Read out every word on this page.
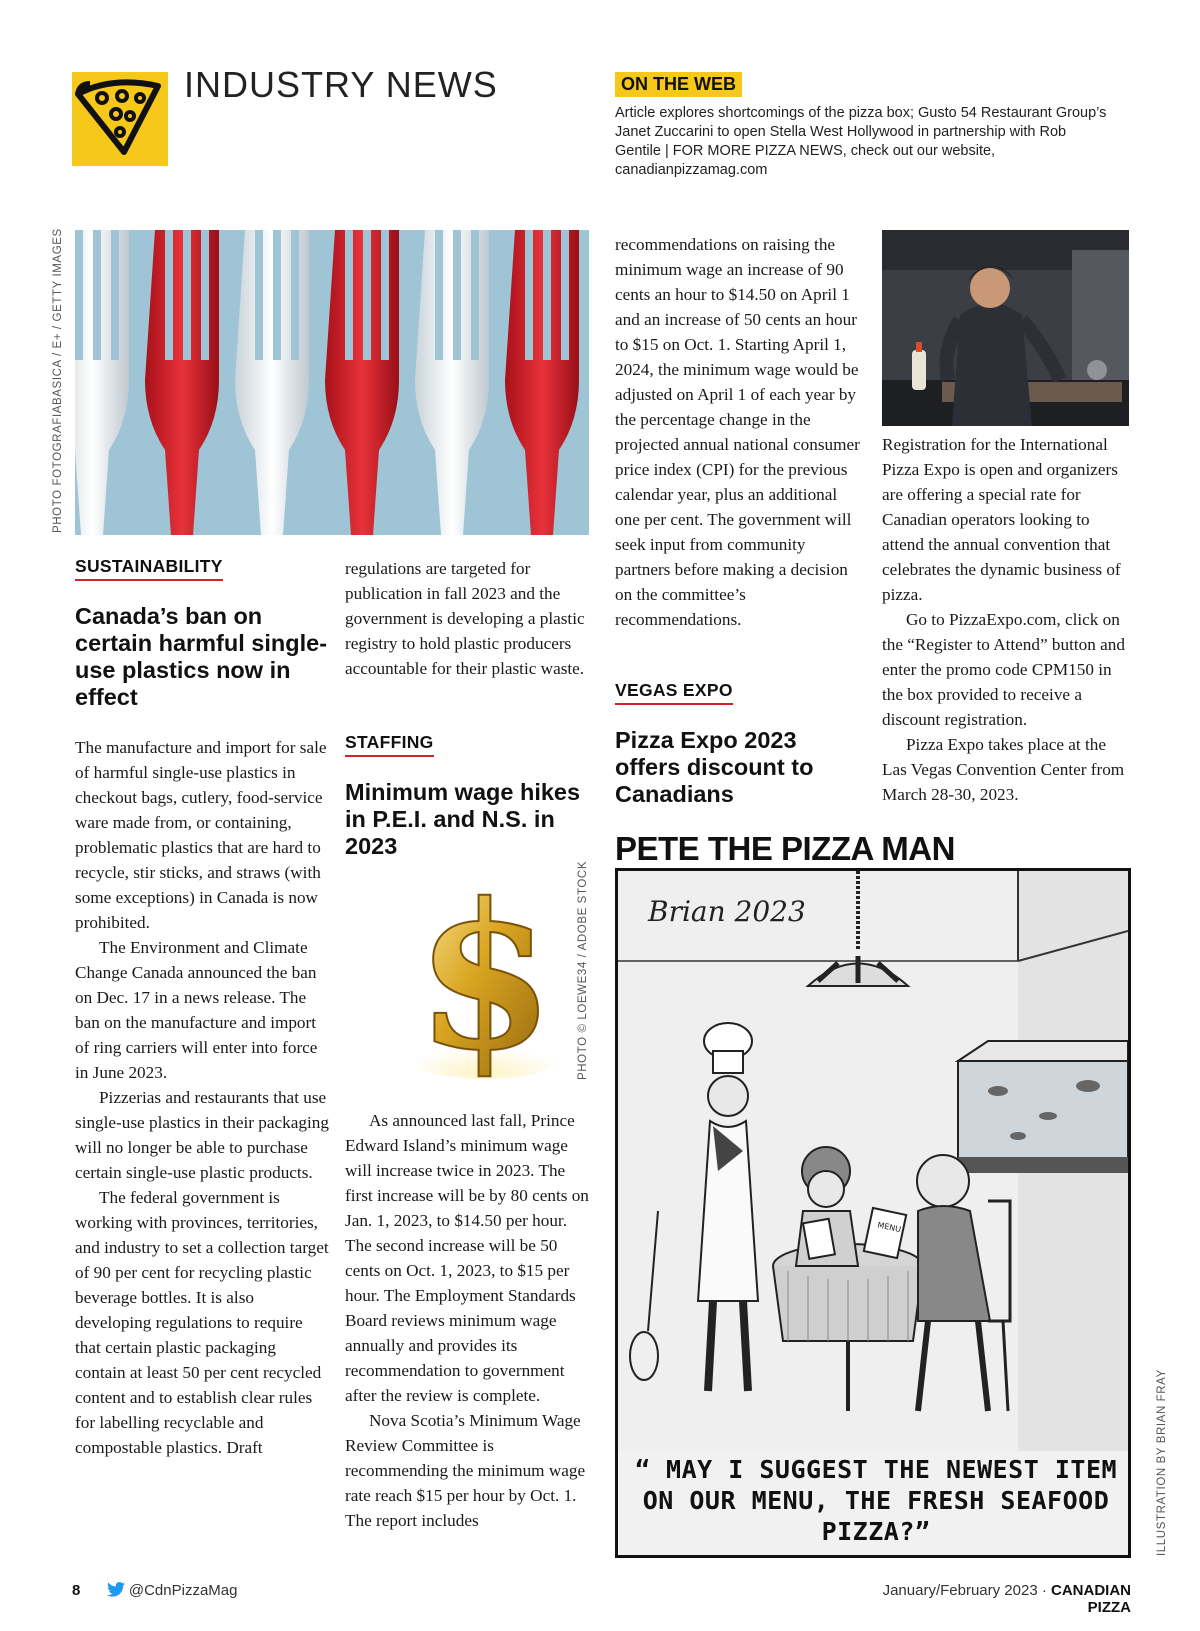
INDUSTRY NEWS	ON THE WEB
Article explores shortcomings of the pizza box; Gusto 54 Restaurant Group’s Janet Zuccarini to open Stella West Hollywood in partnership with Rob Gentile | FOR MORE PIZZA NEWS, check out our website, canadianpizzamag.com
PHOTO FOTOGRAFIABASICA / E+ / GETTY IMAGES
PHOTO © LOEWE34 / ADOBE STOCK
ILLUSTRATION BY BRIAN FRAY
SUSTAINABILITY
Canada’s ban on certain harmful single-use plastics now in effect

The manufacture and import for sale of harmful single-use plastics in checkout bags, cutlery, food-service ware made from, or containing, problematic plastics that are hard to recycle, stir sticks, and straws (with some exceptions) in Canada is now prohibited.

The Environment and Climate Change Canada announced the ban on Dec. 17 in a news release. The ban on the manufacture and import of ring carriers will enter into force in June 2023.

Pizzerias and restaurants that use single-use plastics in their packaging will no longer be able to purchase certain single-use plastic products.

The federal government is working with provinces, territories, and industry to set a collection target of 90 per cent for recycling plastic beverage bottles. It is also developing regulations to require that certain plastic packaging contain at least 50 per cent recycled content and to establish clear rules for labelling recyclable and compostable plastics. Draft

regulations are targeted for publication in fall 2023 and the government is developing a plastic registry to hold plastic producers accountable for their plastic waste.

STAFFING
Minimum wage hikes in P.E.I. and N.S. in 2023
$

As announced last fall, Prince Edward Island’s minimum wage will increase twice in 2023. The first increase will be by 80 cents on Jan. 1, 2023, to $14.50 per hour. The second increase will be 50 cents on Oct. 1, 2023, to $15 per hour. The Employment Standards Board reviews minimum wage annually and provides its recommendation to government after the review is complete.

Nova Scotia’s Minimum Wage Review Committee is recommending the minimum wage rate reach $15 per hour by Oct. 1. The report includes

recommendations on raising the minimum wage an increase of 90 cents an hour to $14.50 on April 1 and an increase of 50 cents an hour to $15 on Oct. 1. Starting April 1, 2024, the minimum wage would be adjusted on April 1 of each year by the percentage change in the projected annual national consumer price index (CPI) for the previous calendar year, plus an additional one per cent. The government will seek input from community partners before making a decision on the committee’s recommendations.

VEGAS EXPO
Pizza Expo 2023 offers discount to Canadians

Registration for the International Pizza Expo is open and organizers are offering a special rate for Canadian operators looking to attend the annual convention that celebrates the dynamic business of pizza.

Go to PizzaExpo.com, click on the “Register to Attend” button and enter the promo code CPM150 in the box provided to receive a discount registration.

Pizza Expo takes place at the Las Vegas Convention Center from March 28-30, 2023.

PETE THE PIZZA MAN
MENU
Brian 2023
“ MAY I SUGGEST THE NEWEST ITEM ON OUR MENU, THE FRESH SEAFOOD PIZZA?”
8	@CdnPizzaMag	January/February 2023 · CANADIAN PIZZA
